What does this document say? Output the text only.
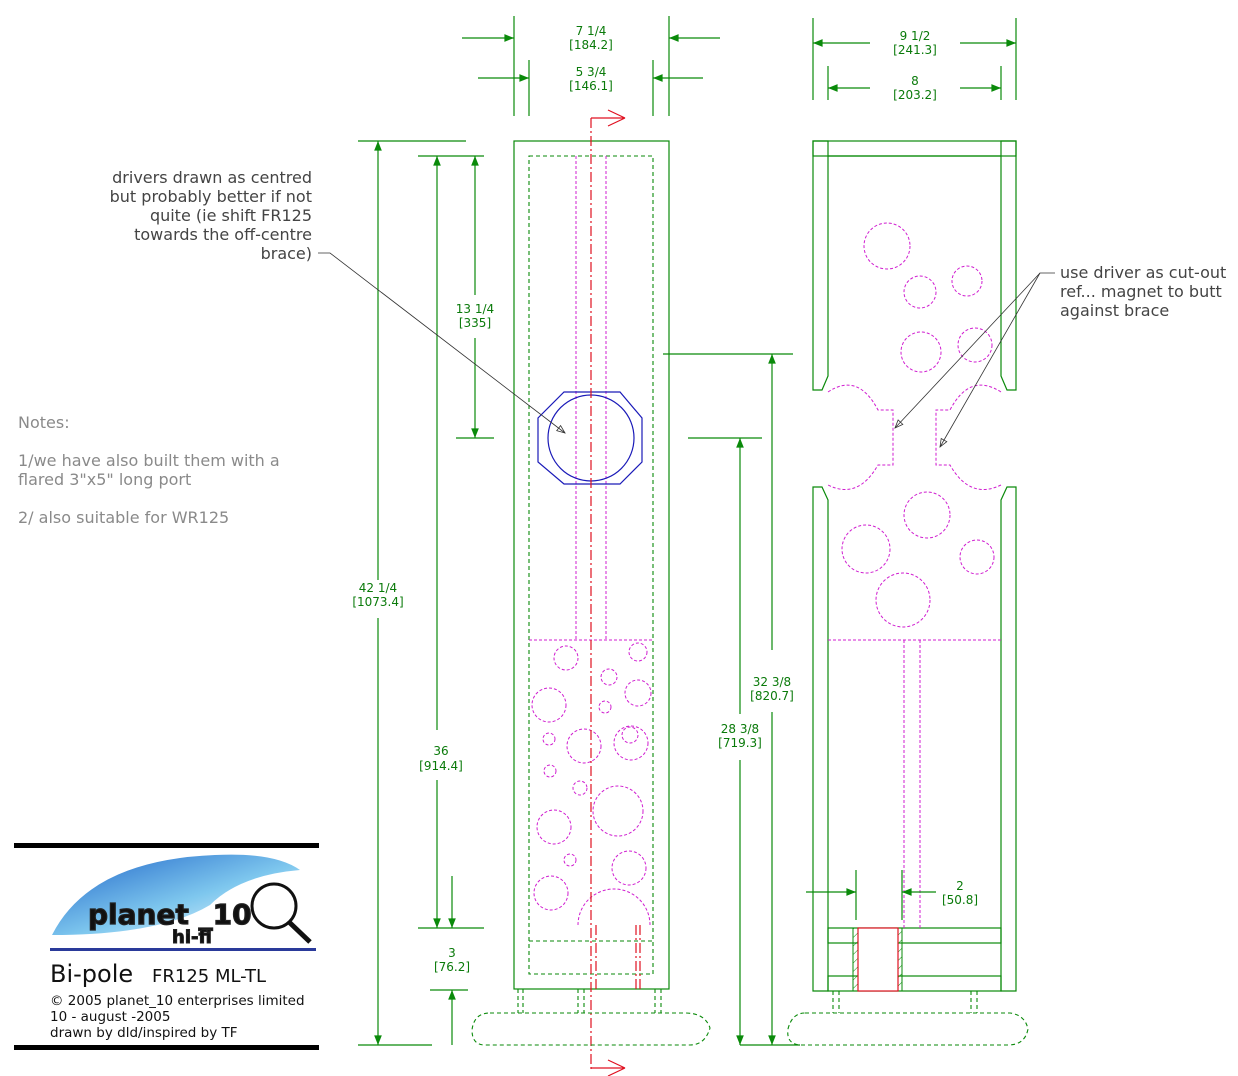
7 1/4
[184.2]
5 3/4
[146.1]
9 1/2
[241.3]
8
[203.2]
13 1/4
[335]
42 1/4
[1073.4]
36
[914.4]
3
[76.2]
32 3/8
[820.7]
28 3/8
[719.3]
2
[50.8]
drivers drawn as centred
but probably better if not
quite (ie shift FR125
towards the off-centre
brace)
use driver as cut-out
ref... magnet to butt
against brace
Notes:
1/we have also built them with a
flared 3"x5" long port
2/ also suitable for WR125
planet _10
hi-fi
Bi-pole FR125 ML-TL
© 2005 planet_10 enterprises limited
10 - august -2005
drawn by dld/inspired by TF
